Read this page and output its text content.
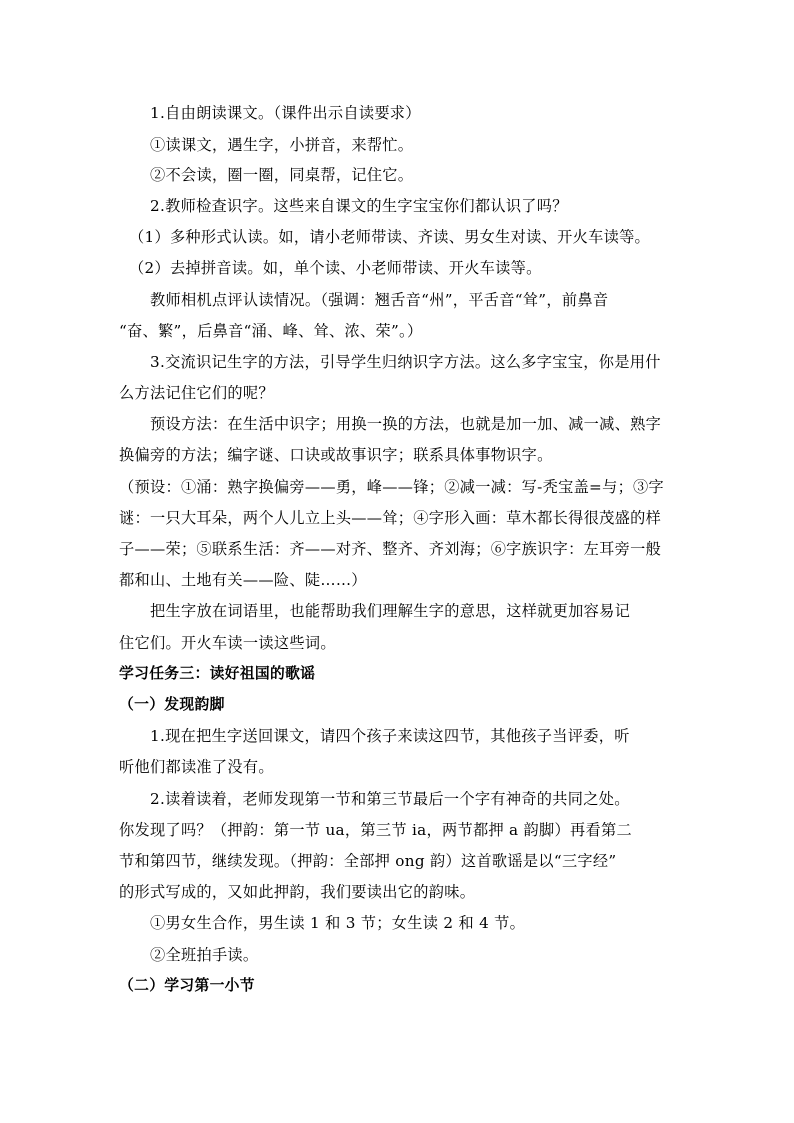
1.自由朗读课文。（课件出示自读要求）
①读课文，遇生字，小拼音，来帮忙。
②不会读，圈一圈，同桌帮，记住它。
2.教师检查识字。这些来自课文的生字宝宝你们都认识了吗？
（1）多种形式认读。如，请小老师带读、齐读、男女生对读、开火车读等。
（2）去掉拼音读。如，单个读、小老师带读、开火车读等。
教师相机点评认读情况。（强调：翘舌音“州”，平舌音“耸”，前鼻音
“奋、繁”，后鼻音“涌、峰、耸、浓、荣”。）
3.交流识记生字的方法，引导学生归纳识字方法。这么多字宝宝，你是用什
么方法记住它们的呢？
预设方法：在生活中识字；用换一换的方法，也就是加一加、减一减、熟字
换偏旁的方法；编字谜、口诀或故事识字；联系具体事物识字。
（预设：①涌：熟字换偏旁——勇，峰——锋；②减一减：写-秃宝盖=与；③字
谜：一只大耳朵，两个人儿立上头——耸；④字形入画：草木都长得很茂盛的样
子——荣；⑤联系生活：齐——对齐、整齐、齐刘海；⑥字族识字：左耳旁一般
都和山、土地有关——险、陡……）
把生字放在词语里，也能帮助我们理解生字的意思，这样就更加容易记
住它们。开火车读一读这些词。
学习任务三：读好祖国的歌谣
（一）发现韵脚
1.现在把生字送回课文，请四个孩子来读这四节，其他孩子当评委，听
听他们都读准了没有。
2.读着读着，老师发现第一节和第三节最后一个字有神奇的共同之处。
你发现了吗？（押韵：第一节 ua，第三节 ia，两节都押 a 韵脚）再看第二
节和第四节，继续发现。（押韵：全部押 ong 韵）这首歌谣是以“三字经”
的形式写成的，又如此押韵，我们要读出它的韵味。
①男女生合作，男生读 1 和 3 节；女生读 2 和 4 节。
②全班拍手读。
（二）学习第一小节
